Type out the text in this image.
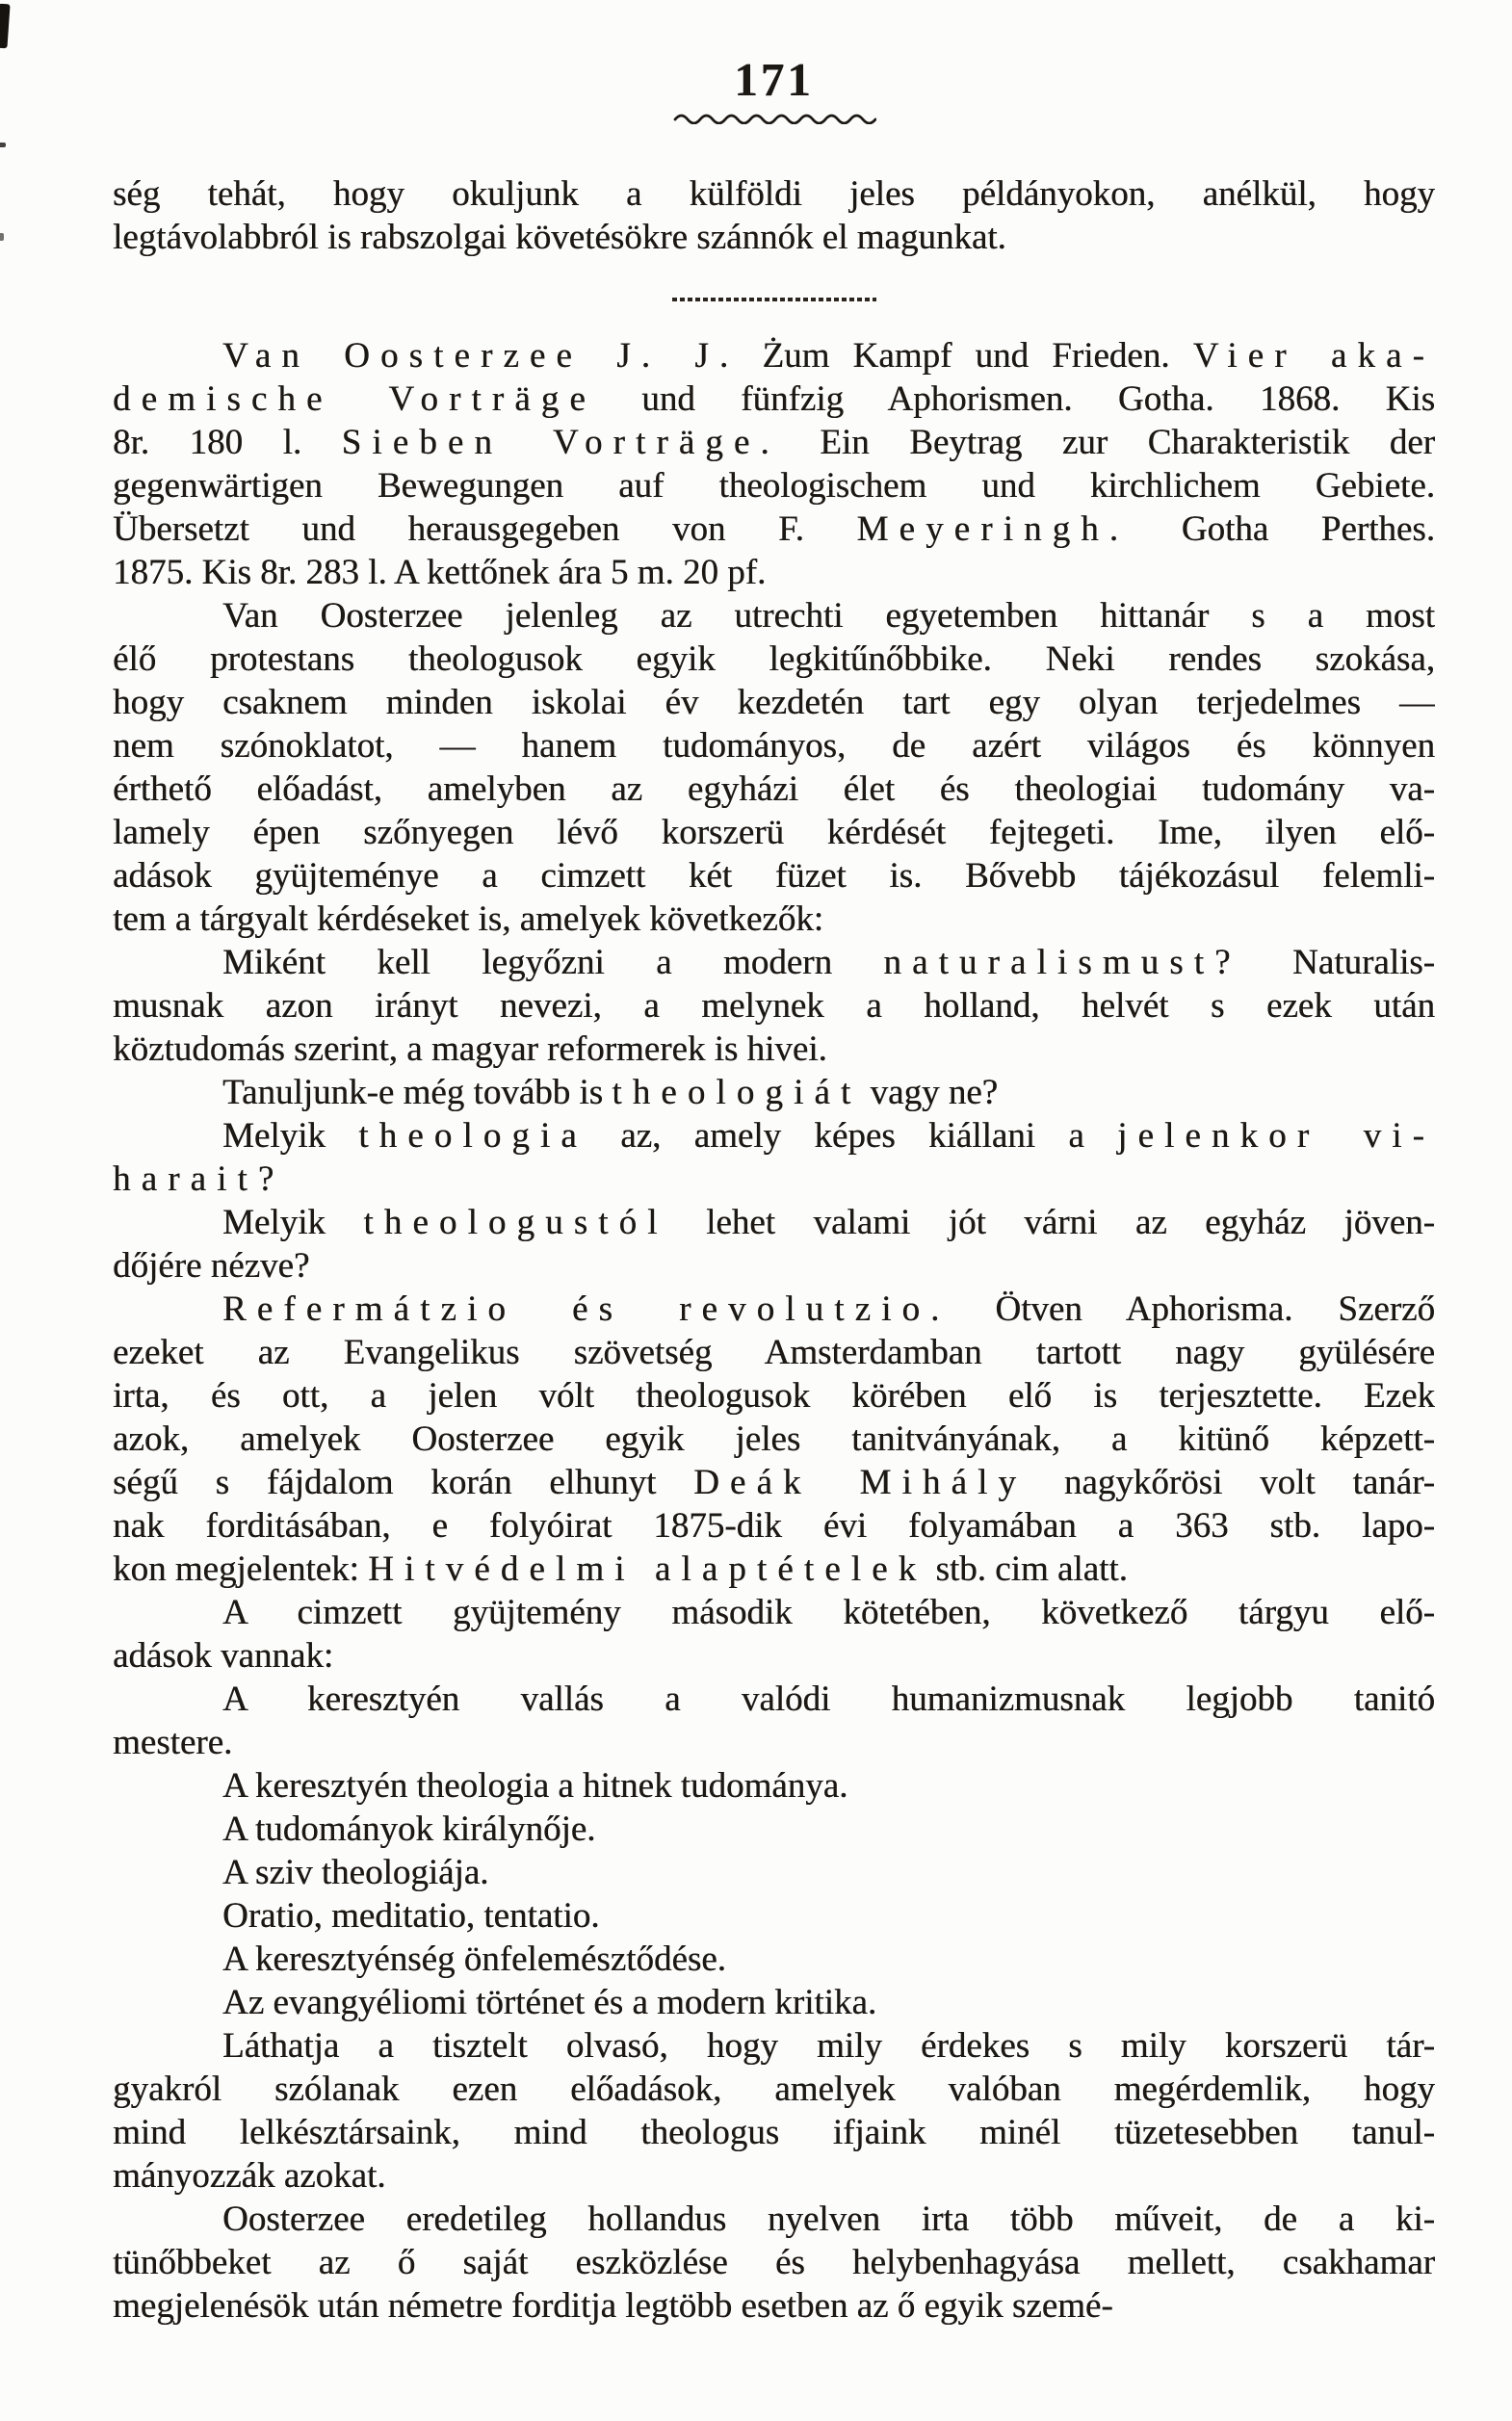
171
ség tehát, hogy okuljunk a külföldi jeles példányokon, anélkül, hogy
legtávolabbról is rabszolgai követésökre szánnók el magunkat.
Van Oosterzee J. J. Żum Kampf und Frieden. Vier aka-
demische Vorträge und fünfzig Aphorismen. Gotha. 1868. Kis
8r. 180 l. Sieben Vorträge. Ein Beytrag zur Charakteristik der
gegenwärtigen Bewegungen auf theologischem und kirchlichem Gebiete.
Übersetzt und herausgegeben von F. Meyeringh. Gotha Perthes.
1875. Kis 8r. 283 l. A kettőnek ára 5 m. 20 pf.
Van Oosterzee jelenleg az utrechti egyetemben hittanár s a most
élő protestans theologusok egyik legkitűnőbbike. Neki rendes szokása,
hogy csaknem minden iskolai év kezdetén tart egy olyan terjedelmes —
nem szónoklatot, — hanem tudományos, de azért világos és könnyen
érthető előadást, amelyben az egyházi élet és theologiai tudomány va-
lamely épen szőnyegen lévő korszerü kérdését fejtegeti. Ime, ilyen elő-
adások gyüjteménye a cimzett két füzet is. Bővebb tájékozásul felemli-
tem a tárgyalt kérdéseket is, amelyek következők:
Miként kell legyőzni a modern naturalismust? Naturalis-
musnak azon irányt nevezi, a melynek a holland, helvét s ezek után
köztudomás szerint, a magyar reformerek is hivei.
Tanuljunk-e még tovább is theologiát vagy ne?
Melyik theologia az, amely képes kiállani a jelenkor vi-
harait?
Melyik theologustól lehet valami jót várni az egyház jöven-
dőjére nézve?
Refermátzio és revolutzio. Ötven Aphorisma. Szerző
ezeket az Evangelikus szövetség Amsterdamban tartott nagy gyülésére
irta, és ott, a jelen vólt theologusok körében elő is terjesztette. Ezek
azok, amelyek Oosterzee egyik jeles tanitványának, a kitünő képzett-
ségű s fájdalom korán elhunyt Deák Mihály nagykőrösi volt tanár-
nak forditásában, e folyóirat 1875-dik évi folyamában a 363 stb. lapo-
kon megjelentek: Hitvédelmi alaptételek stb. cim alatt.
A cimzett gyüjtemény második kötetében, következő tárgyu elő-
adások vannak:
A keresztyén vallás a valódi humanizmusnak legjobb tanitó
mestere.
A keresztyén theologia a hitnek tudománya.
A tudományok királynője.
A sziv theologiája.
Oratio, meditatio, tentatio.
A keresztyénség önfelemésztődése.
Az evangyéliomi történet és a modern kritika.
Láthatja a tisztelt olvasó, hogy mily érdekes s mily korszerü tár-
gyakról szólanak ezen előadások, amelyek valóban megérdemlik, hogy
mind lelkésztársaink, mind theologus ifjaink minél tüzetesebben tanul-
mányozzák azokat.
Oosterzee eredetileg hollandus nyelven irta több műveit, de a ki-
tünőbbeket az ő saját eszközlése és helybenhagyása mellett, csakhamar
megjelenésök után németre forditja legtöbb esetben az ő egyik szemé-
